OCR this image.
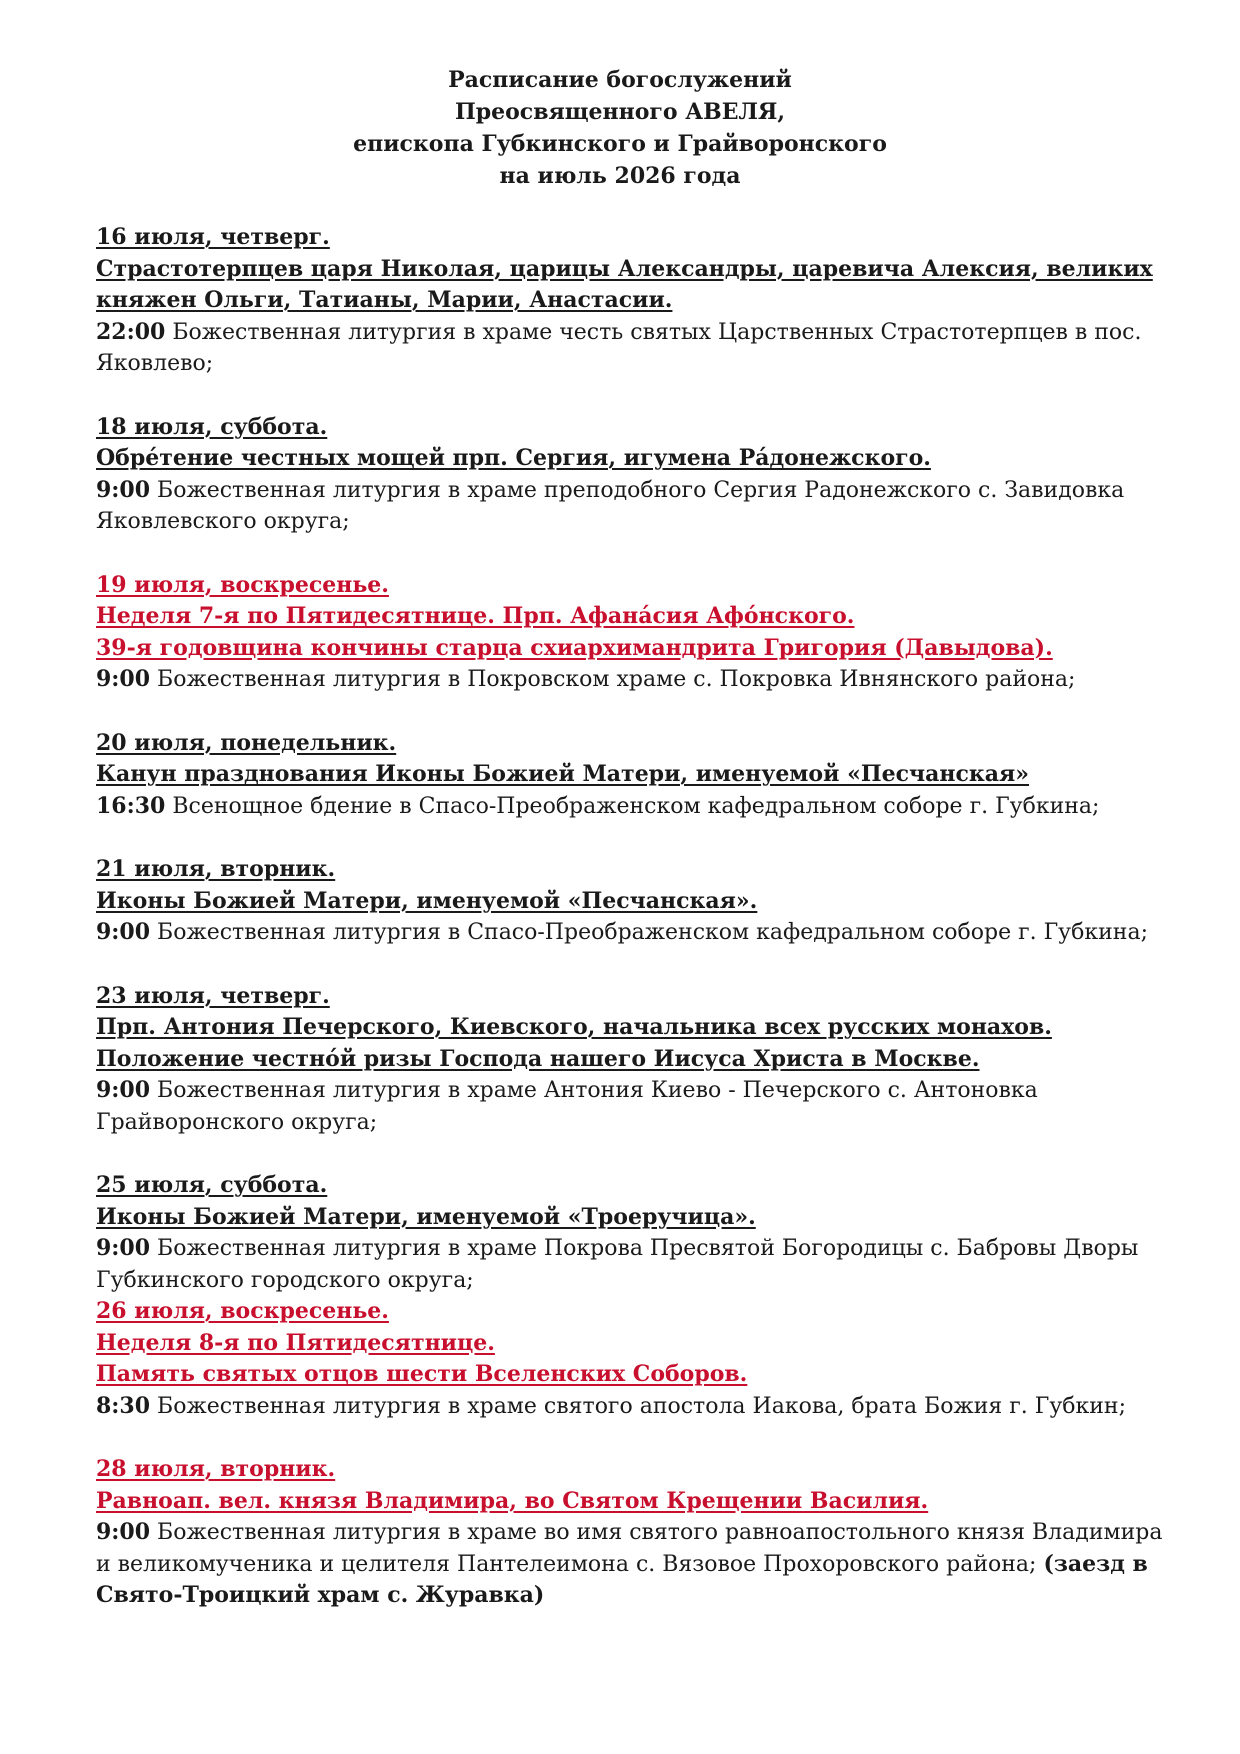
Расписание богослужений
Преосвященного АВЕЛЯ,
епископа Губкинского и Грайворонского
на июль 2026 года

16 июля, четверг.

Страстотерпцев царя Николая, царицы Александры, царевича Алексия, великих княжен Ольги, Татианы, Марии, Анастасии.

22:00 Божественная литургия в храме честь святых Царственных Страстотерпцев в пос. Яковлево;

18 июля, суббота.

Обре́тение честных мощей прп. Сергия, игумена Ра́донежского.

9:00 Божественная литургия в храме преподобного Сергия Радонежского с. Завидовка Яковлевского округа;

19 июля, воскресенье.

Неделя 7-я по Пятидесятнице. Прп. Афана́сия Афо́нского.

39-я годовщина кончины старца схиархимандрита Григория (Давыдова).

9:00 Божественная литургия в Покровском храме с. Покровка Ивнянского района;

20 июля, понедельник.

Канун празднования Иконы Божией Матери, именуемой «Песчанская»

16:30 Всенощное бдение в Спасо-Преображенском кафедральном соборе г. Губкина;

21 июля, вторник.

Иконы Божией Матери, именуемой «Песчанская».

9:00 Божественная литургия в Спасо-Преображенском кафедральном соборе г. Губкина;

23 июля, четверг.

Прп. Антония Печерского, Киевского, начальника всех русских монахов.

Положение честно́й ризы Господа нашего Иисуса Христа в Москве.

9:00 Божественная литургия в храме Антония Киево - Печерского с. Антоновка Грайворонского округа;

25 июля, суббота.

Иконы Божией Матери, именуемой «Троеручица».

9:00 Божественная литургия в храме Покрова Пресвятой Богородицы с. Бабровы Дворы Губкинского городского округа;

26 июля, воскресенье.

Неделя 8-я по Пятидесятнице.

Память святых отцов шести Вселенских Соборов.

8:30 Божественная литургия в храме святого апостола Иакова, брата Божия г. Губкин;

28 июля, вторник.

Равноап. вел. князя Владимира, во Святом Крещении Василия.

9:00 Божественная литургия в храме во имя святого равноапостольного князя Владимира и великомученика и целителя Пантелеимона с. Вязовое Прохоровского района; (заезд в Свято-Троицкий храм с. Журавка)
